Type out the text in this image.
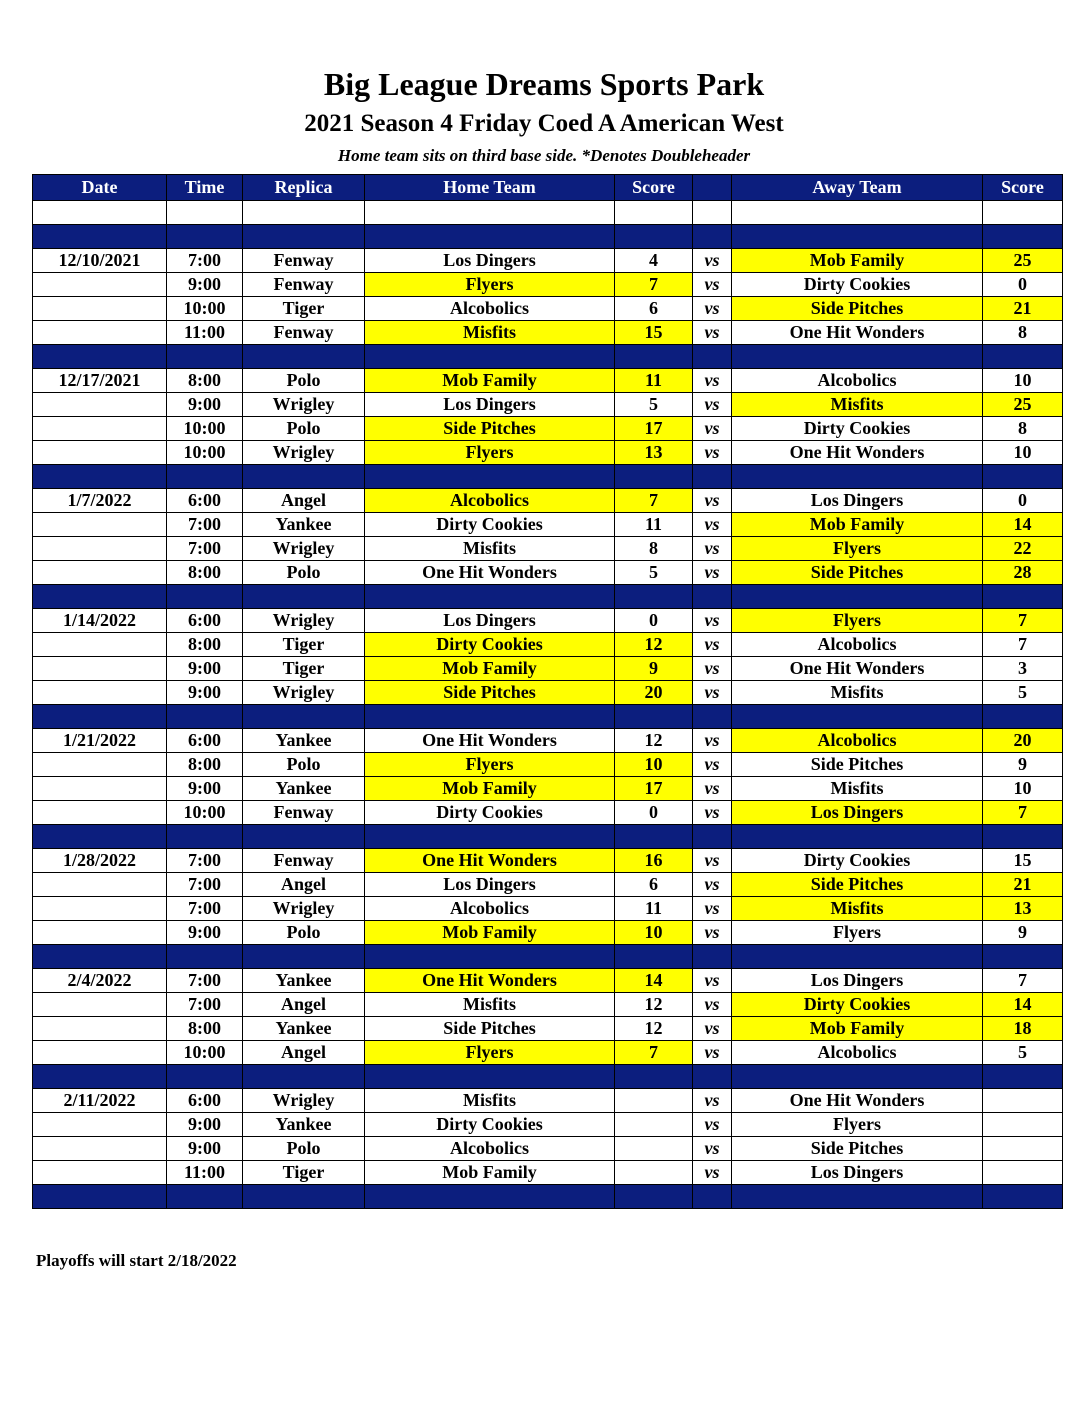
Big League Dreams Sports Park
2021 Season 4 Friday Coed A American West
Home team sits on third base side. *Denotes Doubleheader
Date	Time	Replica	Home Team	Score		Away Team	Score

12/10/2021	7:00	Fenway	Los Dingers	4	vs	Mob Family	25
	9:00	Fenway	Flyers	7	vs	Dirty Cookies	0
	10:00	Tiger	Alcobolics	6	vs	Side Pitches	21
	11:00	Fenway	Misfits	15	vs	One Hit Wonders	8

12/17/2021	8:00	Polo	Mob Family	11	vs	Alcobolics	10
	9:00	Wrigley	Los Dingers	5	vs	Misfits	25
	10:00	Polo	Side Pitches	17	vs	Dirty Cookies	8
	10:00	Wrigley	Flyers	13	vs	One Hit Wonders	10

1/7/2022	6:00	Angel	Alcobolics	7	vs	Los Dingers	0
	7:00	Yankee	Dirty Cookies	11	vs	Mob Family	14
	7:00	Wrigley	Misfits	8	vs	Flyers	22
	8:00	Polo	One Hit Wonders	5	vs	Side Pitches	28

1/14/2022	6:00	Wrigley	Los Dingers	0	vs	Flyers	7
	8:00	Tiger	Dirty Cookies	12	vs	Alcobolics	7
	9:00	Tiger	Mob Family	9	vs	One Hit Wonders	3
	9:00	Wrigley	Side Pitches	20	vs	Misfits	5

1/21/2022	6:00	Yankee	One Hit Wonders	12	vs	Alcobolics	20
	8:00	Polo	Flyers	10	vs	Side Pitches	9
	9:00	Yankee	Mob Family	17	vs	Misfits	10
	10:00	Fenway	Dirty Cookies	0	vs	Los Dingers	7

1/28/2022	7:00	Fenway	One Hit Wonders	16	vs	Dirty Cookies	15
	7:00	Angel	Los Dingers	6	vs	Side Pitches	21
	7:00	Wrigley	Alcobolics	11	vs	Misfits	13
	9:00	Polo	Mob Family	10	vs	Flyers	9

2/4/2022	7:00	Yankee	One Hit Wonders	14	vs	Los Dingers	7
	7:00	Angel	Misfits	12	vs	Dirty Cookies	14
	8:00	Yankee	Side Pitches	12	vs	Mob Family	18
	10:00	Angel	Flyers	7	vs	Alcobolics	5

2/11/2022	6:00	Wrigley	Misfits		vs	One Hit Wonders	
	9:00	Yankee	Dirty Cookies		vs	Flyers	
	9:00	Polo	Alcobolics		vs	Side Pitches	
	11:00	Tiger	Mob Family		vs	Los Dingers	

Playoffs will start 2/18/2022
